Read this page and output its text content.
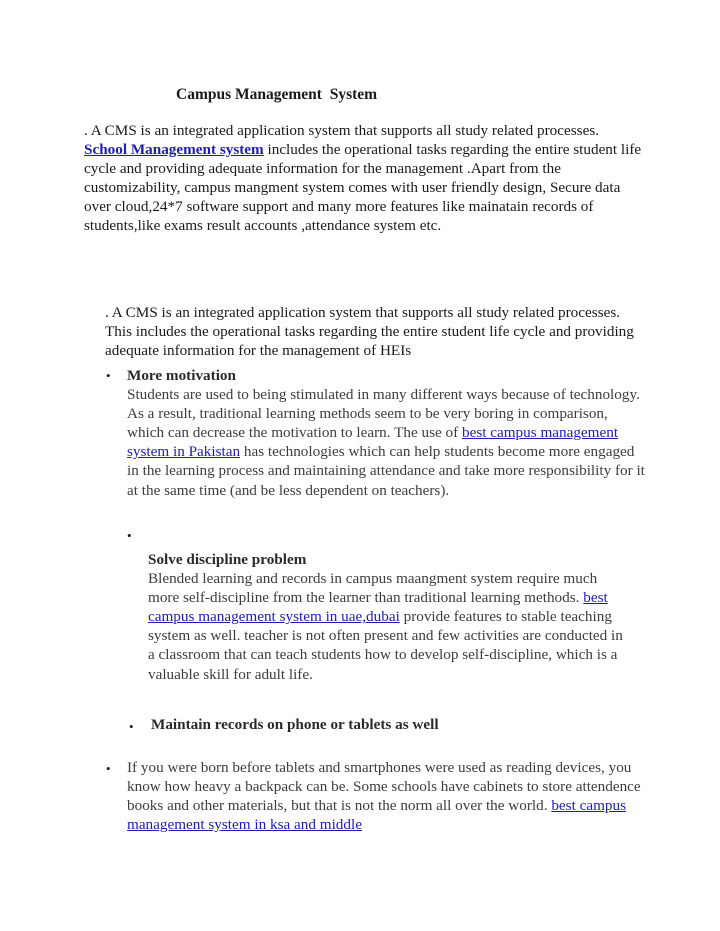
Campus Management  System
. A CMS is an integrated application system that supports all study related processes. School Management system includes the operational tasks regarding the entire student life cycle and providing adequate information for the management .Apart from the customizability, campus mangment system comes with user friendly design, Secure data over cloud,24*7 software support and many more features like mainatain records of students,like exams result accounts ,attendance system etc.
. A CMS is an integrated application system that supports all study related processes. This includes the operational tasks regarding the entire student life cycle and providing adequate information for the management of HEIs
• More motivation
Students are used to being stimulated in many different ways because of technology. As a result, traditional learning methods seem to be very boring in comparison, which can decrease the motivation to learn. The use of best campus management system in Pakistan has technologies which can help students become more engaged in the learning process and maintaining attendance and take more responsibility for it at the same time (and be less dependent on teachers).
•
Solve discipline problem
Blended learning and records in campus maangment system require much more self-discipline from the learner than traditional learning methods. best campus management system in uae,dubai provide features to stable teaching system as well. teacher is not often present and few activities are conducted in a classroom that can teach students how to develop self-discipline, which is a valuable skill for adult life.
• Maintain records on phone or tablets as well
• If you were born before tablets and smartphones were used as reading devices, you know how heavy a backpack can be. Some schools have cabinets to store attendence books and other materials, but that is not the norm all over the world. best campus management system in ksa and middle
